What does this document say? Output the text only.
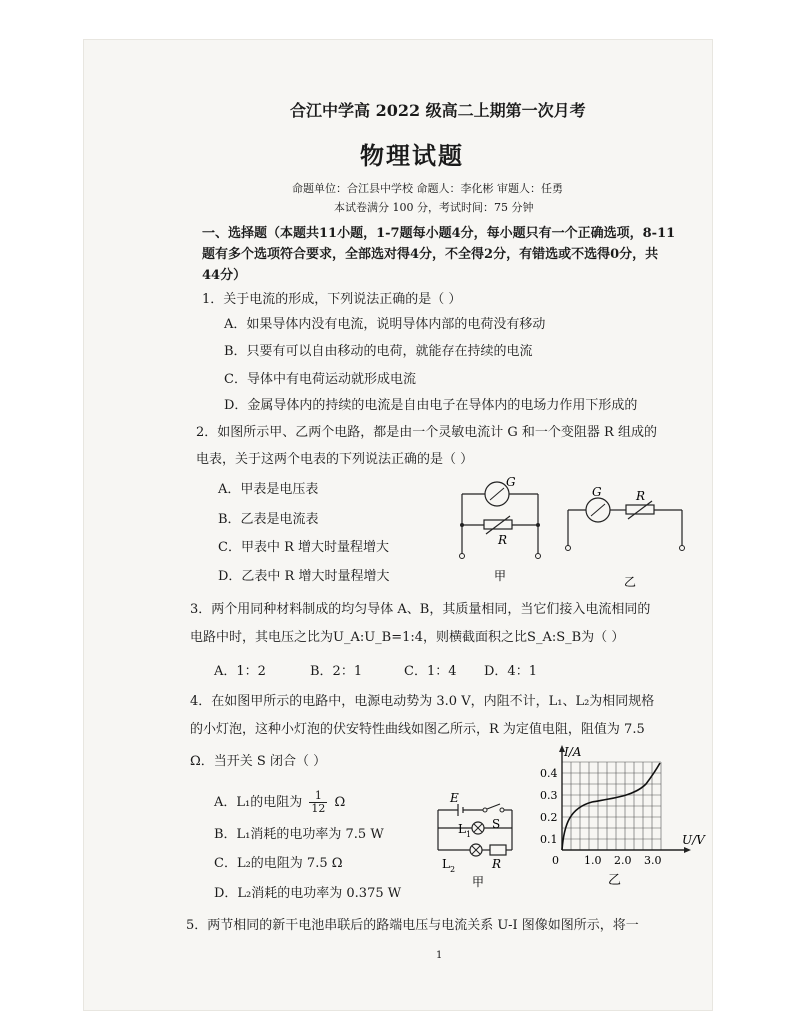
合江中学高 2022 级高二上期第一次月考
物理试题
命题单位：合江县中学校 命题人：李化彬 审题人：任勇
本试卷满分 100 分，考试时间：75 分钟
一、选择题（本题共11小题，1-7题每小题4分，每小题只有一个正确选项，8-11
题有多个选项符合要求，全部选对得4分，不全得2分，有错选或不选得0分，共
44分）
1．关于电流的形成，下列说法正确的是（ ）
A．如果导体内没有电流，说明导体内部的电荷没有移动
B．只要有可以自由移动的电荷，就能存在持续的电流
C．导体中有电荷运动就形成电流
D．金属导体内的持续的电流是自由电子在导体内的电场力作用下形成的
2．如图所示甲、乙两个电路，都是由一个灵敏电流计 G 和一个变阻器 R 组成的
电表，关于这两个电表的下列说法正确的是（ ）
A．甲表是电压表
B．乙表是电流表
C．甲表中 R 增大时量程增大
D．乙表中 R 增大时量程增大
G
R
G	R
甲	乙
3．两个用同种材料制成的均匀导体 A、B，其质量相同，当它们接入电流相同的
电路中时，其电压之比为U_A:U_B=1:4，则横截面积之比S_A:S_B为（ ）
A．1：2	B．2：1	C．1：4 D．4：1
4．在如图甲所示的电路中，电源电动势为 3.0 V，内阻不计，L₁、L₂为相同规格
的小灯泡，这种小灯泡的伏安特性曲线如图乙所示，R 为定值电阻，阻值为 7.5
Ω．当开关 S 闭合（ ）
A．L₁的电阻为 $\frac{1}{12}$ Ω
B．L₁消耗的电功率为 7.5 W
C．L₂的电阻为 7.5 Ω
D．L₂消耗的电功率为 0.375 W
E
L 1
S
L 2	R
甲
I/A
U/V
0.4
0.3
0.2
0.1
0 1.0 2.0 3.0
乙
5．两节相同的新干电池串联后的路端电压与电流关系 U-I 图像如图所示，将一
1
